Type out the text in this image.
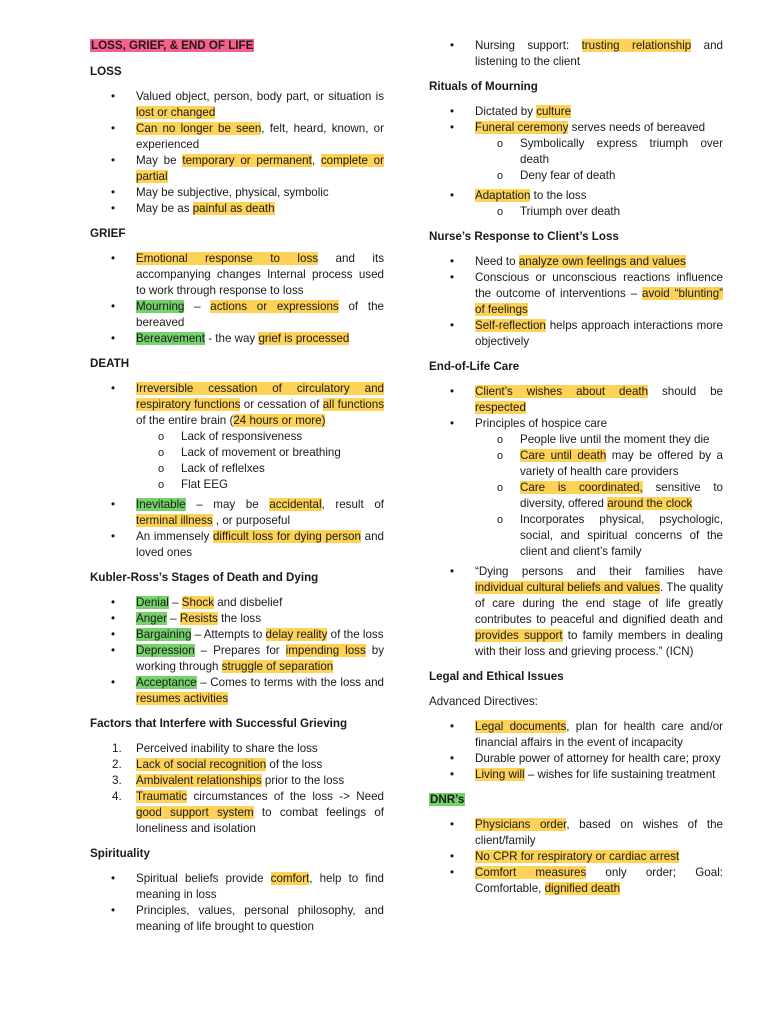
LOSS, GRIEF, & END OF LIFE
LOSS
• Valued object, person, body part, or situation is lost or changed
• Can no longer be seen, felt, heard, known, or experienced
• May be temporary or permanent, complete or partial
• May be subjective, physical, symbolic
• May be as painful as death
GRIEF
• Emotional response to loss and its accompanying changes Internal process used to work through response to loss
• Mourning – actions or expressions of the bereaved
• Bereavement - the way grief is processed
DEATH
• Irreversible cessation of circulatory and respiratory functions or cessation of all functions of the entire brain (24 hours or more)
o Lack of responsiveness
o Lack of movement or breathing
o Lack of reflelxes
o Flat EEG
• Inevitable – may be accidental, result of terminal illness , or purposeful
• An immensely difficult loss for dying person and loved ones
Kubler-Ross’s Stages of Death and Dying
• Denial – Shock and disbelief
• Anger – Resists the loss
• Bargaining – Attempts to delay reality of the loss
• Depression – Prepares for impending loss by working through struggle of separation
• Acceptance – Comes to terms with the loss and resumes activities
Factors that Interfere with Successful Grieving
1. Perceived inability to share the loss
2. Lack of social recognition of the loss
3. Ambivalent relationships prior to the loss
4. Traumatic circumstances of the loss -> Need good support system to combat feelings of loneliness and isolation
Spirituality
• Spiritual beliefs provide comfort, help to find meaning in loss
• Principles, values, personal philosophy, and meaning of life brought to question
• Nursing support: trusting relationship and listening to the client
Rituals of Mourning
• Dictated by culture
• Funeral ceremony serves needs of bereaved
o Symbolically express triumph over death
o Deny fear of death
• Adaptation to the loss
o Triumph over death
Nurse’s Response to Client’s Loss
• Need to analyze own feelings and values
• Conscious or unconscious reactions influence the outcome of interventions – avoid “blunting” of feelings
• Self-reflection helps approach interactions more objectively
End-of-Life Care
• Client’s wishes about death should be respected
• Principles of hospice care
o People live until the moment they die
o Care until death may be offered by a variety of health care providers
o Care is coordinated, sensitive to diversity, offered around the clock
o Incorporates physical, psychologic, social, and spiritual concerns of the client and client’s family
• “Dying persons and their families have individual cultural beliefs and values. The quality of care during the end stage of life greatly contributes to peaceful and dignified death and provides support to family members in dealing with their loss and grieving process.” (ICN)
Legal and Ethical Issues
Advanced Directives:
• Legal documents, plan for health care and/or financial affairs in the event of incapacity
• Durable power of attorney for health care; proxy
• Living will – wishes for life sustaining treatment
DNR’s
• Physicians order, based on wishes of the client/family
• No CPR for respiratory or cardiac arrest
• Comfort measures only order; Goal: Comfortable, dignified death
